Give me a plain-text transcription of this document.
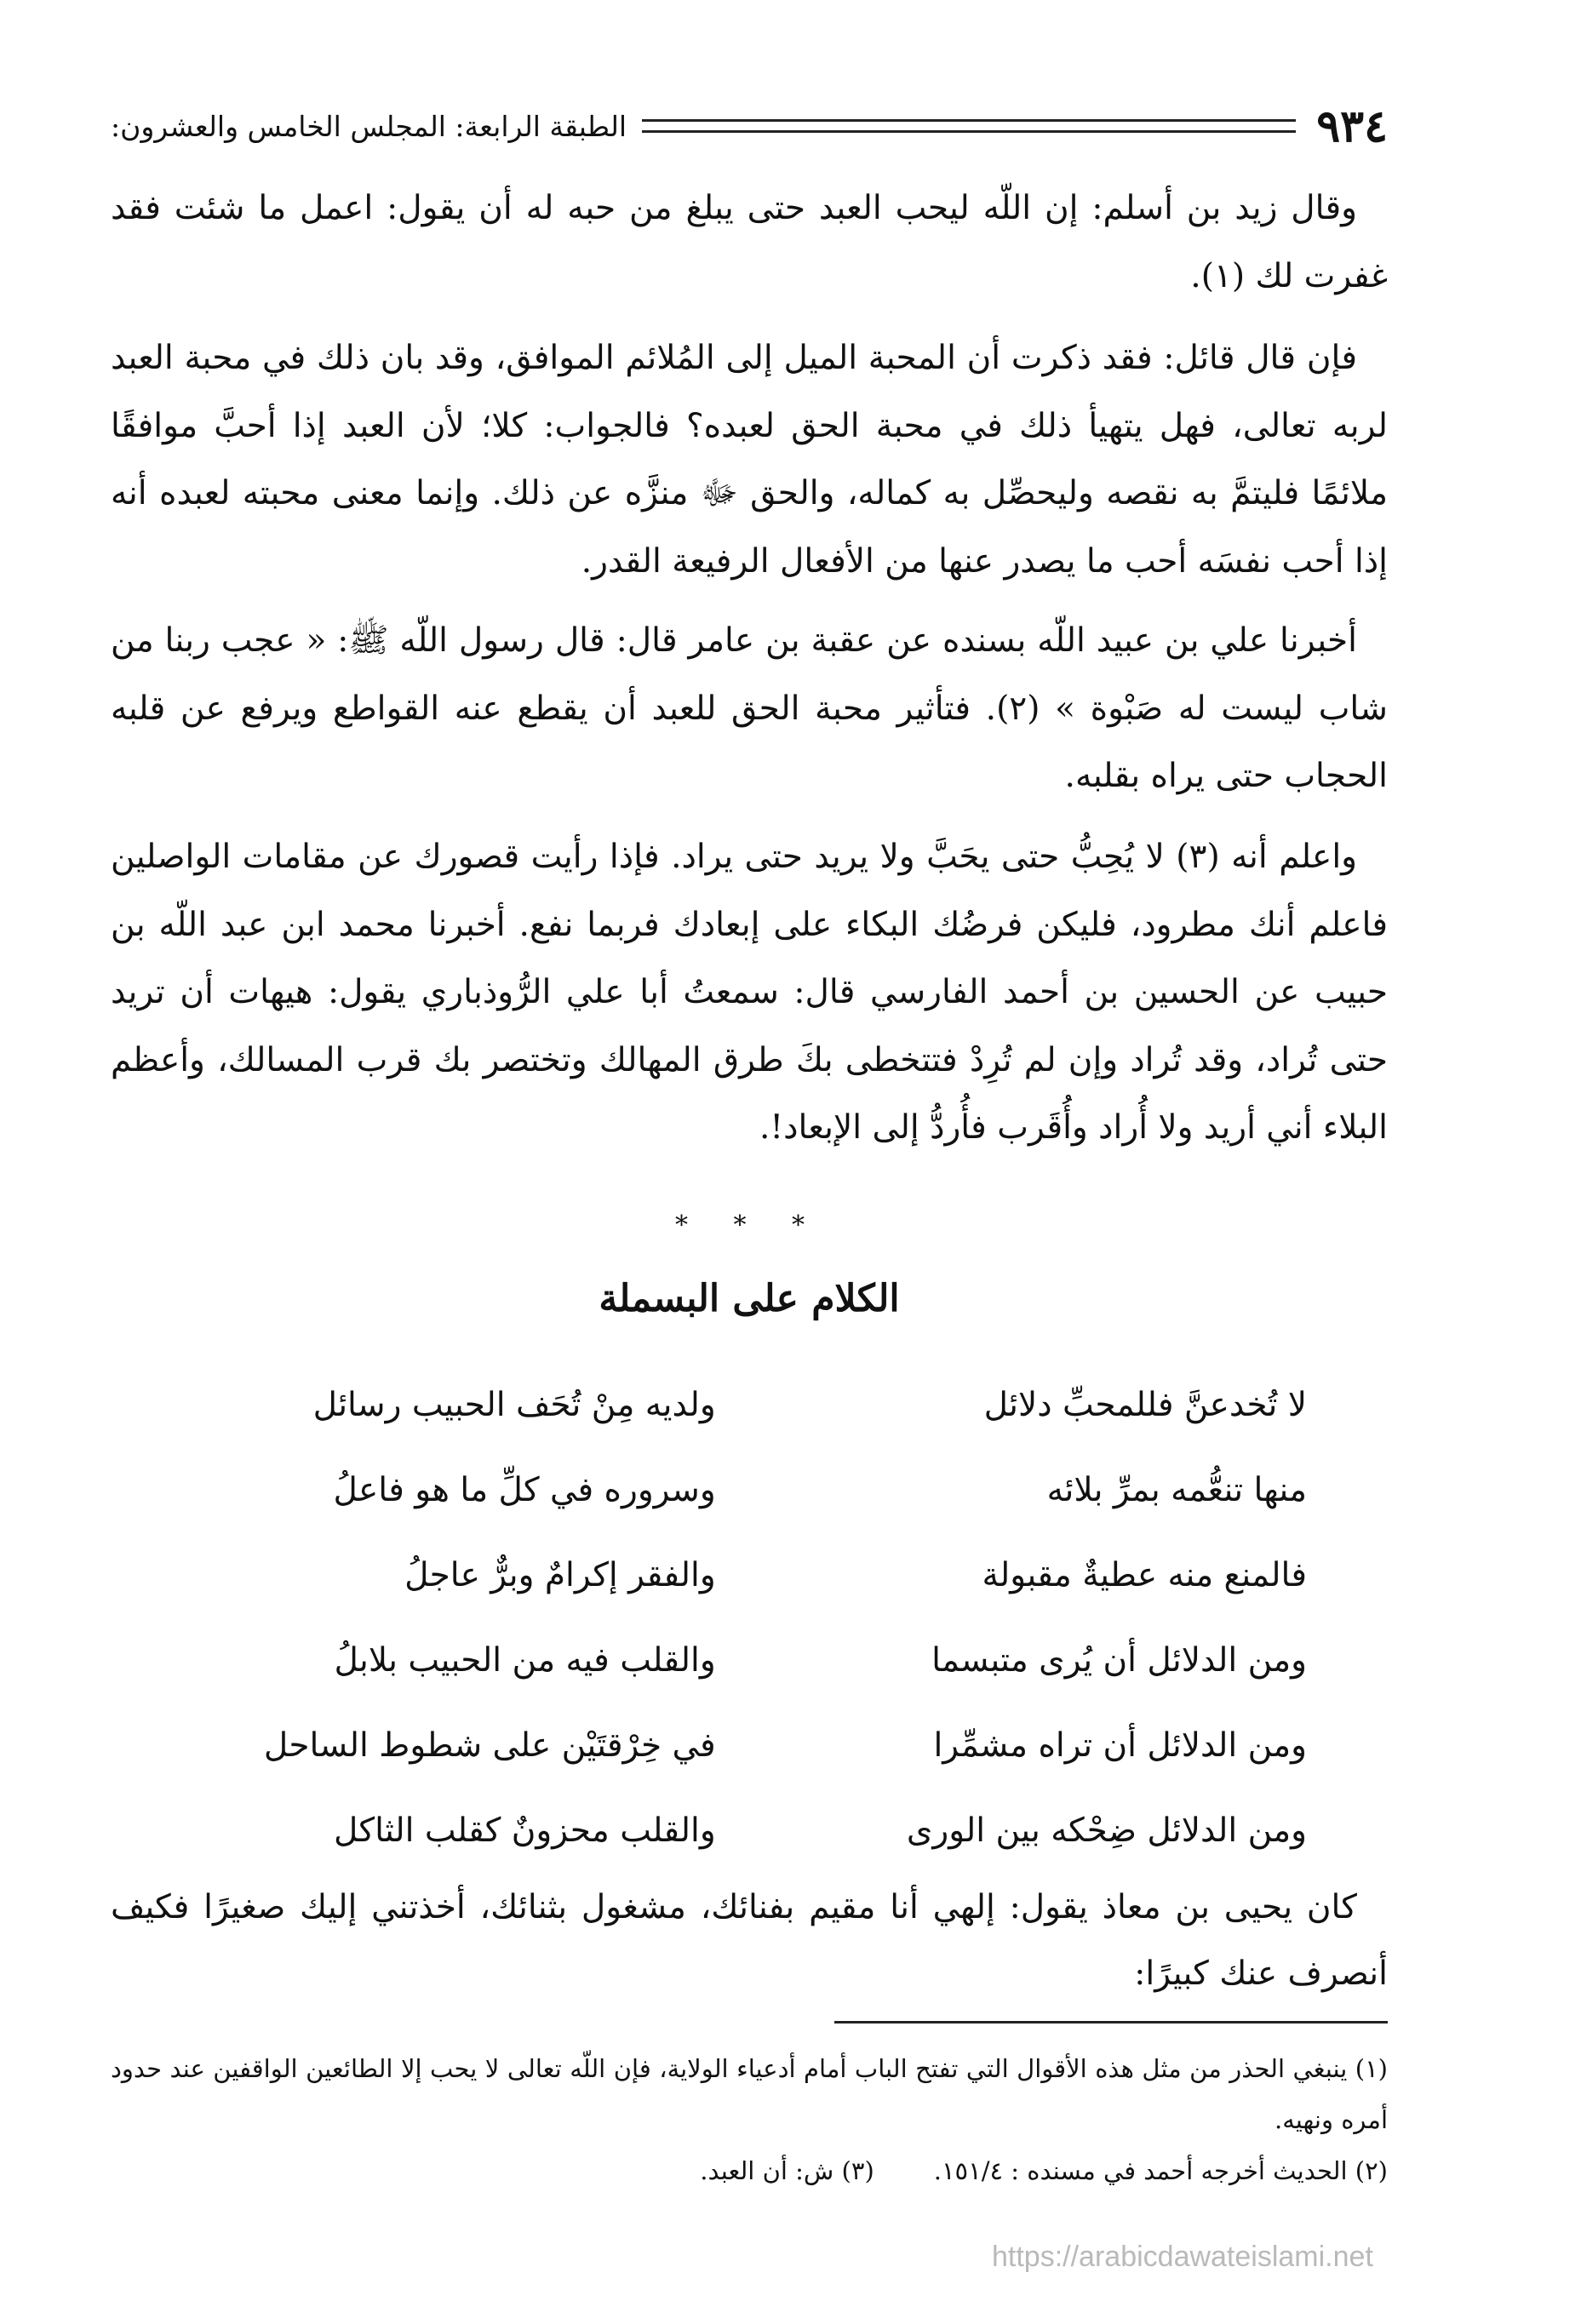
٩٣٤
الطبقة الرابعة: المجلس الخامس والعشرون:

وقال زيد بن أسلم: إن اللّه ليحب العبد حتى يبلغ من حبه له أن يقول: اعمل ما شئت فقد غفرت لك (١).

فإن قال قائل: فقد ذكرت أن المحبة الميل إلى المُلائم الموافق، وقد بان ذلك في محبة العبد لربه تعالى، فهل يتهيأ ذلك في محبة الحق لعبده؟ فالجواب: كلا؛ لأن العبد إذا أحبَّ موافقًا ملائمًا فليتمَّ به نقصه وليحصِّل به كماله، والحق ﷻ منزَّه عن ذلك. وإنما معنى محبته لعبده أنه إذا أحب نفسَه أحب ما يصدر عنها من الأفعال الرفيعة القدر.

أخبرنا علي بن عبيد اللّه بسنده عن عقبة بن عامر قال: قال رسول اللّه ﷺ: « عجب ربنا من شاب ليست له صَبْوة » (٢). فتأثير محبة الحق للعبد أن يقطع عنه القواطع ويرفع عن قلبه الحجاب حتى يراه بقلبه.

واعلم أنه (٣) لا يُحِبُّ حتى يحَبَّ ولا يريد حتى يراد. فإذا رأيت قصورك عن مقامات الواصلين فاعلم أنك مطرود، فليكن فرضُك البكاء على إبعادك فربما نفع. أخبرنا محمد ابن عبد اللّه بن حبيب عن الحسين بن أحمد الفارسي قال: سمعتُ أبا علي الرُّوذباري يقول: هيهات أن تريد حتى تُراد، وقد تُراد وإن لم تُرِدْ فتتخطى بكَ طرق المهالك وتختصر بك قرب المسالك، وأعظم البلاء أني أريد ولا أُراد وأُقَرب فأُردُّ إلى الإبعاد!.

* * *
الكلام على البسملة
لا تُخدعنَّ فللمحبِّ دلائل
ولديه مِنْ تُحَف الحبيب رسائل
منها تنعُّمه بمرِّ بلائه
وسروره في كلِّ ما هو فاعلُ
فالمنع منه عطيةٌ مقبولة
والفقر إكرامٌ وبرٌّ عاجلُ
ومن الدلائل أن يُرى متبسما
والقلب فيه من الحبيب بلابلُ
ومن الدلائل أن تراه مشمِّرا
في خِرْقتَيْن على شطوط الساحل
ومن الدلائل ضِحْكه بين الورى
والقلب محزونٌ كقلب الثاكل
كان يحيى بن معاذ يقول: إلهي أنا مقيم بفنائك، مشغول بثنائك، أخذتني إليك صغيرًا فكيف أنصرف عنك كبيرًا:

(١) ينبغي الحذر من مثل هذه الأقوال التي تفتح الباب أمام أدعياء الولاية، فإن اللّه تعالى لا يحب إلا الطائعين الواقفين عند حدود أمره ونهيه.

(٢) الحديث أخرجه أحمد في مسنده : ١٥١/٤.
(٣) ش: أن العبد.

https://arabicdawateislami.net
